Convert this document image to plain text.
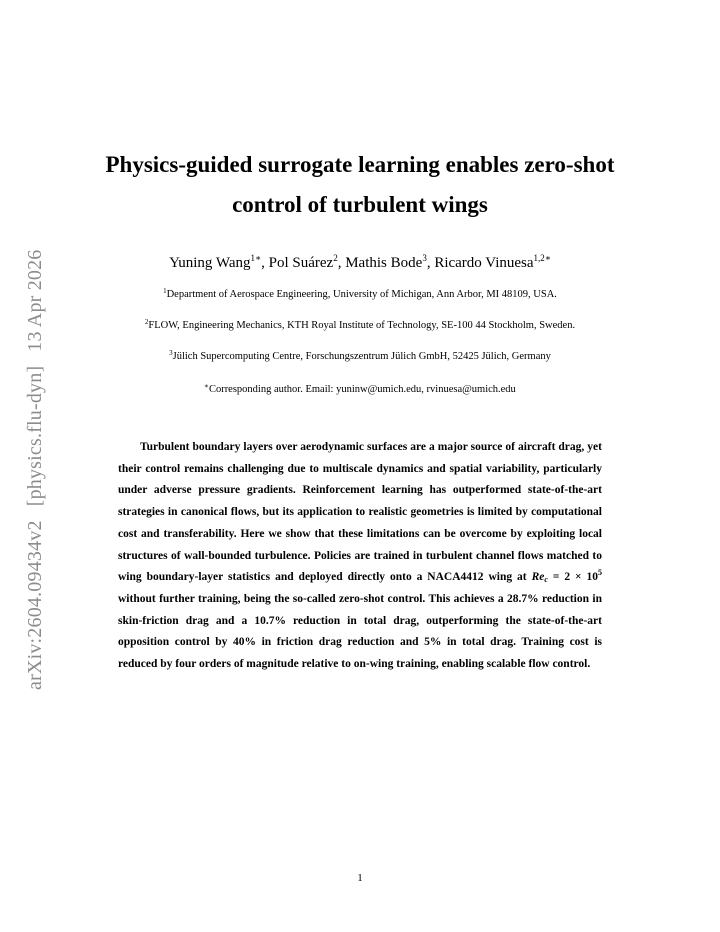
arXiv:2604.09434v2[physics.flu-dyn]13 Apr 2026
Physics-guided surrogate learning enables zero-shot
control of turbulent wings
Yuning Wang$^{1∗}$, Pol Suárez$^2$, Mathis Bode$^3$, Ricardo Vinuesa$^{1,2∗}$
$^1$Department of Aerospace Engineering, University of Michigan, Ann Arbor, MI 48109, USA.
$^2$FLOW, Engineering Mechanics, KTH Royal Institute of Technology, SE-100 44 Stockholm, Sweden.
$^3$Jülich Supercomputing Centre, Forschungszentrum Jülich GmbH, 52425 Jülich, Germany
∗Corresponding author. Email: yuninw@umich.edu, rvinuesa@umich.edu

Turbulent boundary layers over aerodynamic surfaces are a major source of aircraft drag, yet their control remains challenging due to multiscale dynamics and spatial variability, particularly under adverse pressure gradients. Reinforcement learning has outperformed state-of-the-art strategies in canonical flows, but its application to realistic geometries is limited by computational cost and transferability. Here we show that these limitations can be overcome by exploiting local structures of wall-bounded turbulence. Policies are trained in turbulent channel flows matched to wing boundary-layer statistics and deployed directly onto a NACA4412 wing at $Re_c = 2 \times 10^5$ without further training, being the so-called zero-shot control. This achieves a 28.7% reduction in skin-friction drag and a 10.7% reduction in total drag, outperforming the state-of-the-art opposition control by 40% in friction drag reduction and 5% in total drag. Training cost is reduced by four orders of magnitude relative to on-wing training, enabling scalable flow control.

1
